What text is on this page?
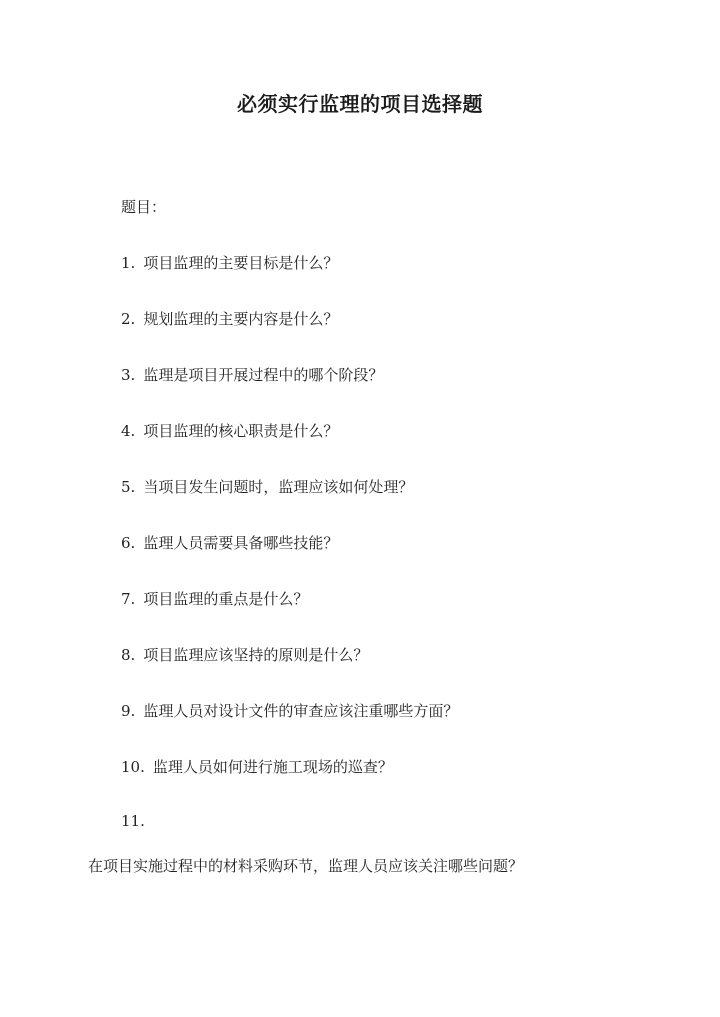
必须实行监理的项目选择题
题目：
1. 项目监理的主要目标是什么？
2. 规划监理的主要内容是什么？
3. 监理是项目开展过程中的哪个阶段？
4. 项目监理的核心职责是什么？
5. 当项目发生问题时，监理应该如何处理？
6. 监理人员需要具备哪些技能？
7. 项目监理的重点是什么？
8. 项目监理应该坚持的原则是什么？
9. 监理人员对设计文件的审查应该注重哪些方面？
10. 监理人员如何进行施工现场的巡查？
11.
在项目实施过程中的材料采购环节，监理人员应该关注哪些问题？
